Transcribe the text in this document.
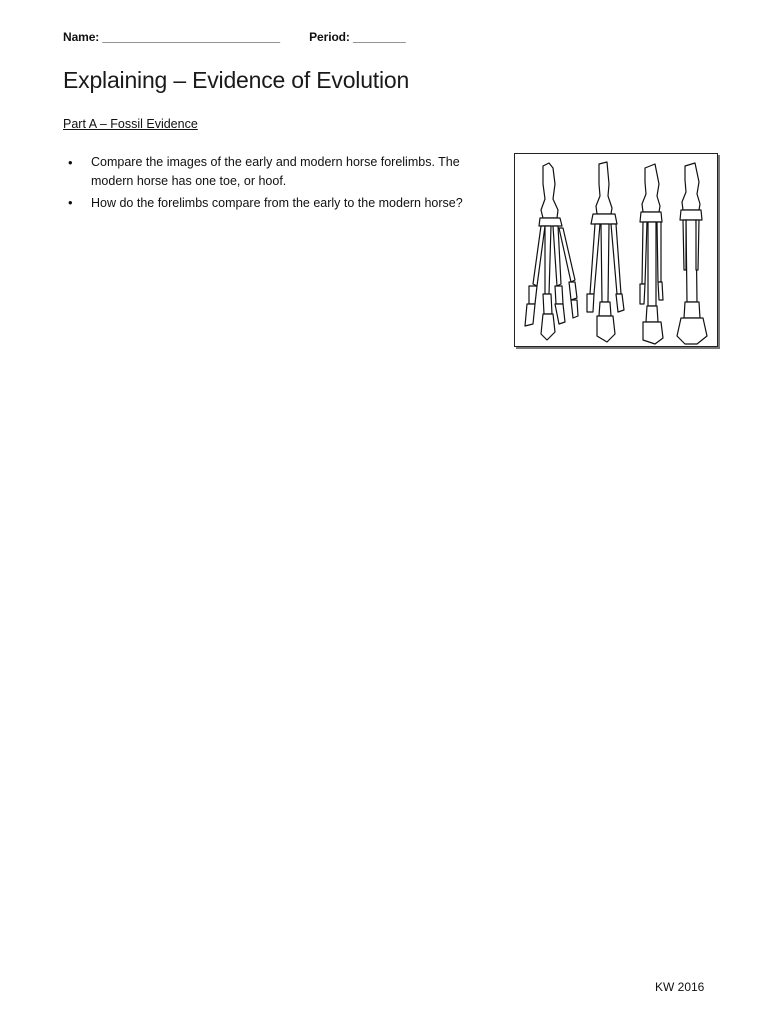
Name: ___________________________ Period: ________
Explaining – Evidence of Evolution
Part A – Fossil Evidence
• Compare the images of the early and modern horse forelimbs. The modern horse has one toe, or hoof.
• How do the forelimbs compare from the early to the modern horse?
KW 2016
